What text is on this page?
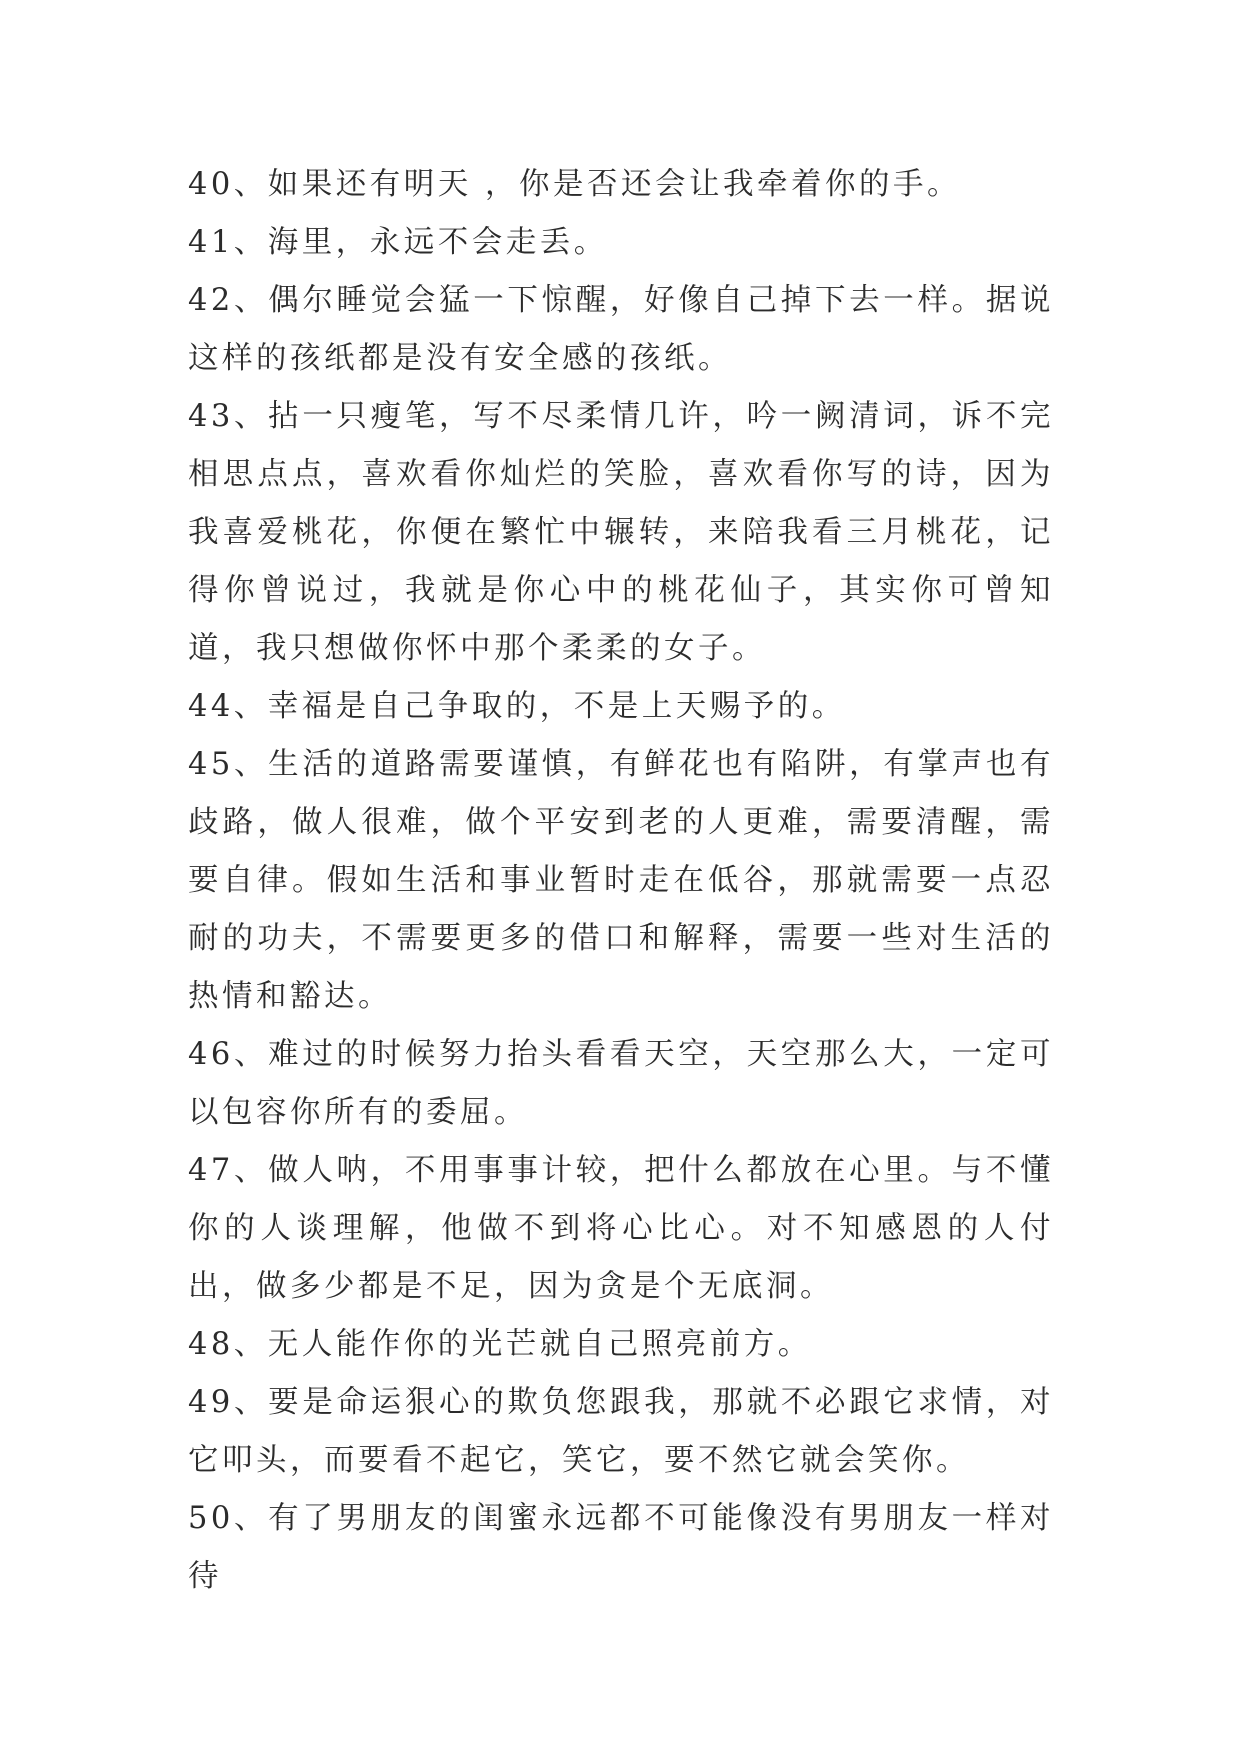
40、如果还有明天 ，你是否还会让我牵着你的手。

41、海里，永远不会走丢。

42、偶尔睡觉会猛一下惊醒，好像自己掉下去一样。据说这样的孩纸都是没有安全感的孩纸。

43、拈一只瘦笔，写不尽柔情几许，吟一阙清词，诉不完相思点点，喜欢看你灿烂的笑脸，喜欢看你写的诗，因为我喜爱桃花，你便在繁忙中辗转，来陪我看三月桃花，记得你曾说过，我就是你心中的桃花仙子，其实你可曾知道，我只想做你怀中那个柔柔的女子。

44、幸福是自己争取的，不是上天赐予的。

45、生活的道路需要谨慎，有鲜花也有陷阱，有掌声也有歧路，做人很难，做个平安到老的人更难，需要清醒，需要自律。假如生活和事业暂时走在低谷，那就需要一点忍耐的功夫，不需要更多的借口和解释，需要一些对生活的热情和豁达。

46、难过的时候努力抬头看看天空，天空那么大，一定可以包容你所有的委屈。

47、做人呐，不用事事计较，把什么都放在心里。与不懂你的人谈理解，他做不到将心比心。对不知感恩的人付出，做多少都是不足，因为贪是个无底洞。

48、无人能作你的光芒就自己照亮前方。

49、要是命运狠心的欺负您跟我，那就不必跟它求情，对它叩头，而要看不起它，笑它，要不然它就会笑你。

50、有了男朋友的闺蜜永远都不可能像没有男朋友一样对待
